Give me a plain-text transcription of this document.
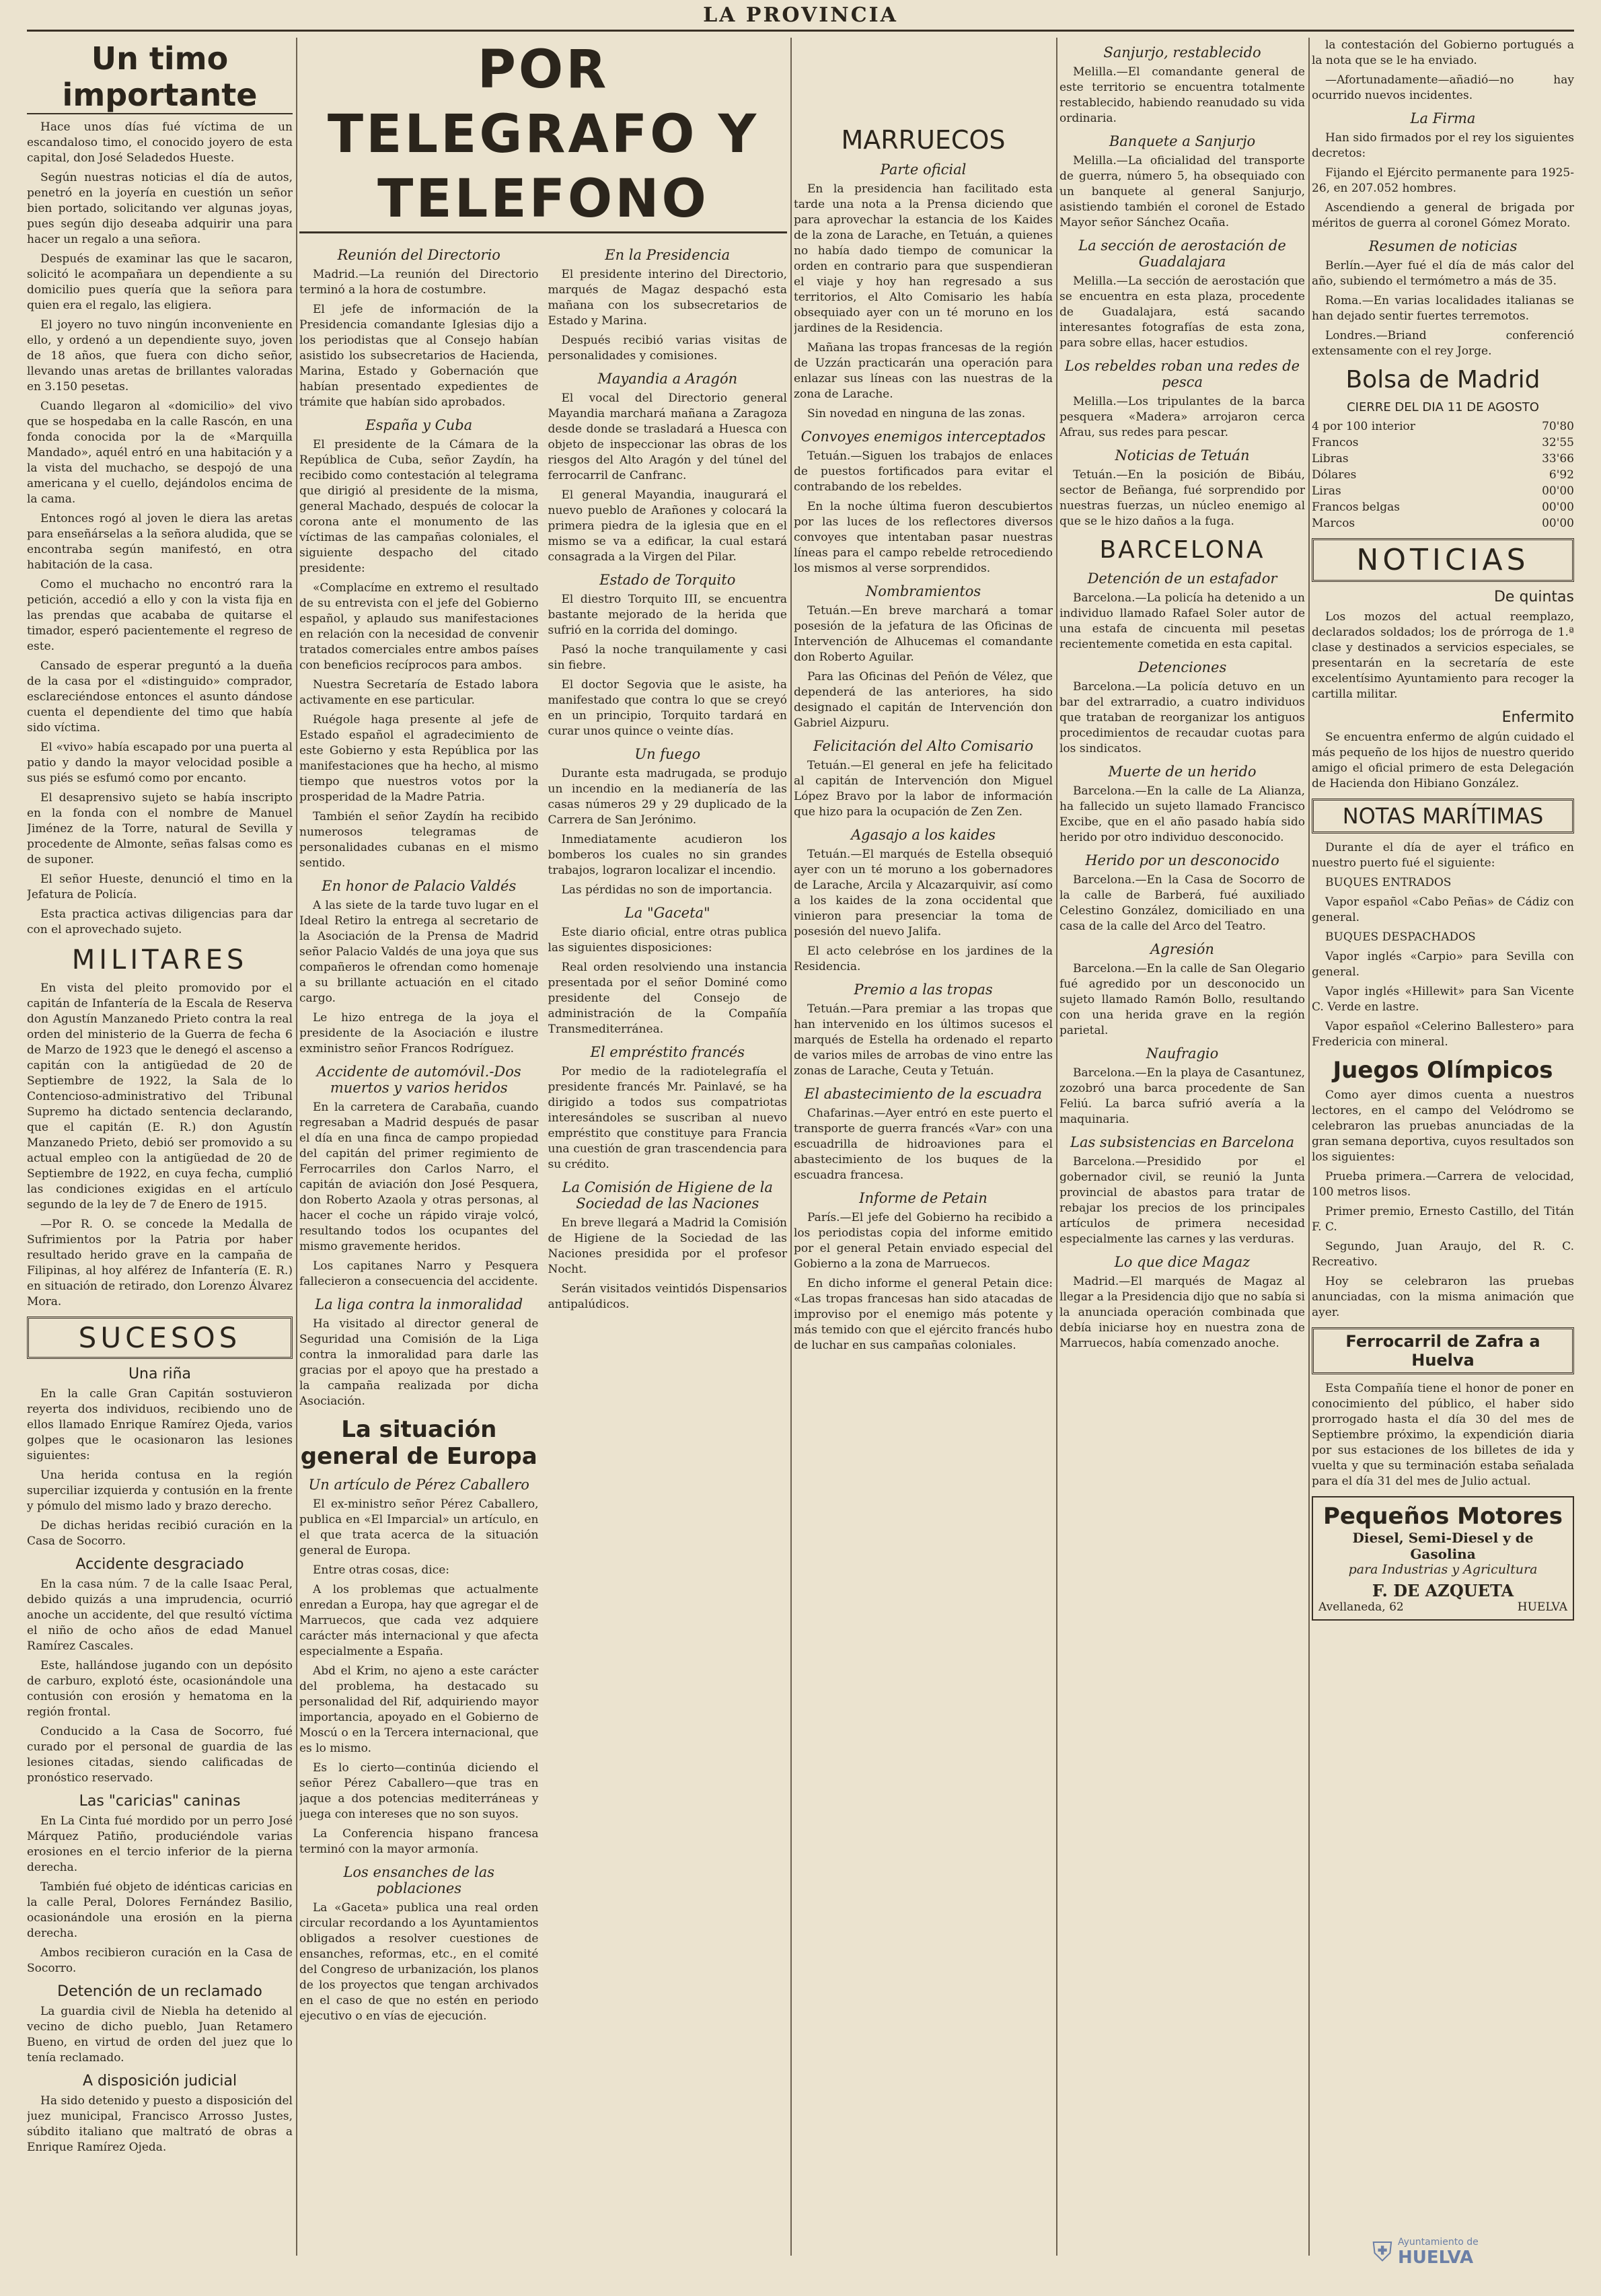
LA PROVINCIA
Un timo importante

Hace unos días fué víctima de un escandaloso timo, el conocido joyero de esta capital, don José Seladedos Hueste.

Según nuestras noticias el día de autos, penetró en la joyería en cuestión un señor bien portado, solicitando ver algunas joyas, pues según dijo deseaba adquirir una para hacer un regalo a una señora.

Después de examinar las que le sacaron, solicitó le acompañara un dependiente a su domicilio pues quería que la señora para quien era el regalo, las eligiera.

El joyero no tuvo ningún inconveniente en ello, y ordenó a un dependiente suyo, joven de 18 años, que fuera con dicho señor, llevando unas aretas de brillantes valoradas en 3.150 pesetas.

Cuando llegaron al «domicilio» del vivo que se hospedaba en la calle Rascón, en una fonda conocida por la de «Marquilla Mandado», aquél entró en una habitación y a la vista del muchacho, se despojó de una americana y el cuello, dejándolos encima de la cama.

Entonces rogó al joven le diera las aretas para enseñárselas a la señora aludida, que se encontraba según manifestó, en otra habitación de la casa.

Como el muchacho no encontró rara la petición, accedió a ello y con la vista fija en las prendas que acababa de quitarse el timador, esperó pacientemente el regreso de este.

Cansado de esperar preguntó a la dueña de la casa por el «distinguido» comprador, esclareciéndose entonces el asunto dándose cuenta el dependiente del timo que había sido víctima.

El «vivo» había escapado por una puerta al patio y dando la mayor velocidad posible a sus piés se esfumó como por encanto.

El desaprensivo sujeto se había inscripto en la fonda con el nombre de Manuel Jiménez de la Torre, natural de Sevilla y procedente de Almonte, señas falsas como es de suponer.

El señor Hueste, denunció el timo en la Jefatura de Policía.

Esta practica activas diligencias para dar con el aprovechado sujeto.

MILITARES

En vista del pleito promovido por el capitán de Infantería de la Escala de Reserva don Agustín Manzanedo Prieto contra la real orden del ministerio de la Guerra de fecha 6 de Marzo de 1923 que le denegó el ascenso a capitán con la antigüedad de 20 de Septiembre de 1922, la Sala de lo Contencioso-administrativo del Tribunal Supremo ha dictado sentencia declarando, que el capitán (E. R.) don Agustín Manzanedo Prieto, debió ser promovido a su actual empleo con la antigüedad de 20 de Septiembre de 1922, en cuya fecha, cumplió las condiciones exigidas en el artículo segundo de la ley de 7 de Enero de 1915.

—Por R. O. se concede la Medalla de Sufrimientos por la Patria por haber resultado herido grave en la campaña de Filipinas, al hoy alférez de Infantería (E. R.) en situación de retirado, don Lorenzo Álvarez Mora.

SUCESOS
Una riña

En la calle Gran Capitán sostuvieron reyerta dos individuos, recibiendo uno de ellos llamado Enrique Ramírez Ojeda, varios golpes que le ocasionaron las lesiones siguientes:

Una herida contusa en la región superciliar izquierda y contusión en la frente y pómulo del mismo lado y brazo derecho.

De dichas heridas recibió curación en la Casa de Socorro.

Accidente desgraciado

En la casa núm. 7 de la calle Isaac Peral, debido quizás a una imprudencia, ocurrió anoche un accidente, del que resultó víctima el niño de ocho años de edad Manuel Ramírez Cascales.

Este, hallándose jugando con un depósito de carburo, explotó éste, ocasionándole una contusión con erosión y hematoma en la región frontal.

Conducido a la Casa de Socorro, fué curado por el personal de guardia de las lesiones citadas, siendo calificadas de pronóstico reservado.

Las "caricias" caninas

En La Cinta fué mordido por un perro José Márquez Patiño, produciéndole varias erosiones en el tercio inferior de la pierna derecha.

También fué objeto de idénticas caricias en la calle Peral, Dolores Fernández Basilio, ocasionándole una erosión en la pierna derecha.

Ambos recibieron curación en la Casa de Socorro.

Detención de un reclamado

La guardia civil de Niebla ha detenido al vecino de dicho pueblo, Juan Retamero Bueno, en virtud de orden del juez que lo tenía reclamado.

A disposición judicial

Ha sido detenido y puesto a disposición del juez municipal, Francisco Arrosso Justes, súbdito italiano que maltrató de obras a Enrique Ramírez Ojeda.

POR TELEGRAFO Y TELEFONO
Reunión del Directorio

Madrid.—La reunión del Directorio terminó a la hora de costumbre.

El jefe de información de la Presidencia comandante Iglesias dijo a los periodistas que al Consejo habían asistido los subsecretarios de Hacienda, Marina, Estado y Gobernación que habían presentado expedientes de trámite que habían sido aprobados.

España y Cuba

El presidente de la Cámara de la República de Cuba, señor Zaydín, ha recibido como contestación al telegrama que dirigió al presidente de la misma, general Machado, después de colocar la corona ante el monumento de las víctimas de las campañas coloniales, el siguiente despacho del citado presidente:

«Complacíme en extremo el resultado de su entrevista con el jefe del Gobierno español, y aplaudo sus manifestaciones en relación con la necesidad de convenir tratados comerciales entre ambos países con beneficios recíprocos para ambos.

Nuestra Secretaría de Estado labora activamente en ese particular.

Ruégole haga presente al jefe de Estado español el agradecimiento de este Gobierno y esta República por las manifestaciones que ha hecho, al mismo tiempo que nuestros votos por la prosperidad de la Madre Patria.

También el señor Zaydín ha recibido numerosos telegramas de personalidades cubanas en el mismo sentido.

En honor de Palacio Valdés

A las siete de la tarde tuvo lugar en el Ideal Retiro la entrega al secretario de la Asociación de la Prensa de Madrid señor Palacio Valdés de una joya que sus compañeros le ofrendan como homenaje a su brillante actuación en el citado cargo.

Le hizo entrega de la joya el presidente de la Asociación e ilustre exministro señor Francos Rodríguez.

Accidente de automóvil.-Dos muertos y varios heridos

En la carretera de Carabaña, cuando regresaban a Madrid después de pasar el día en una finca de campo propiedad del capitán del primer regimiento de Ferrocarriles don Carlos Narro, el capitán de aviación don José Pesquera, don Roberto Azaola y otras personas, al hacer el coche un rápido viraje volcó, resultando todos los ocupantes del mismo gravemente heridos.

Los capitanes Narro y Pesquera fallecieron a consecuencia del accidente.

La liga contra la inmoralidad

Ha visitado al director general de Seguridad una Comisión de la Liga contra la inmoralidad para darle las gracias por el apoyo que ha prestado a la campaña realizada por dicha Asociación.

La situación general de Europa
Un artículo de Pérez Caballero

El ex-ministro señor Pérez Caballero, publica en «El Imparcial» un artículo, en el que trata acerca de la situación general de Europa.

Entre otras cosas, dice:

A los problemas que actualmente enredan a Europa, hay que agregar el de Marruecos, que cada vez adquiere carácter más internacional y que afecta especialmente a España.

Abd el Krim, no ajeno a este carácter del problema, ha destacado su personalidad del Rif, adquiriendo mayor importancia, apoyado en el Gobierno de Moscú o en la Tercera internacional, que es lo mismo.

Es lo cierto—continúa diciendo el señor Pérez Caballero—que tras en jaque a dos potencias mediterráneas y juega con intereses que no son suyos.

La Conferencia hispano francesa terminó con la mayor armonía.

Los ensanches de las poblaciones

La «Gaceta» publica una real orden circular recordando a los Ayuntamientos obligados a resolver cuestiones de ensanches, reformas, etc., en el comité del Congreso de urbanización, los planos de los proyectos que tengan archivados en el caso de que no estén en periodo ejecutivo o en vías de ejecución.

En la Presidencia

El presidente interino del Directorio, marqués de Magaz despachó esta mañana con los subsecretarios de Estado y Marina.

Después recibió varias visitas de personalidades y comisiones.

Mayandia a Aragón

El vocal del Directorio general Mayandia marchará mañana a Zaragoza desde donde se trasladará a Huesca con objeto de inspeccionar las obras de los riesgos del Alto Aragón y del túnel del ferrocarril de Canfranc.

El general Mayandia, inaugurará el nuevo pueblo de Arañones y colocará la primera piedra de la iglesia que en el mismo se va a edificar, la cual estará consagrada a la Virgen del Pilar.

Estado de Torquito

El diestro Torquito III, se encuentra bastante mejorado de la herida que sufrió en la corrida del domingo.

Pasó la noche tranquilamente y casi sin fiebre.

El doctor Segovia que le asiste, ha manifestado que contra lo que se creyó en un principio, Torquito tardará en curar unos quince o veinte días.

Un fuego

Durante esta madrugada, se produjo un incendio en la medianería de las casas números 29 y 29 duplicado de la Carrera de San Jerónimo.

Inmediatamente acudieron los bomberos los cuales no sin grandes trabajos, lograron localizar el incendio.

Las pérdidas no son de importancia.

La "Gaceta"

Este diario oficial, entre otras publica las siguientes disposiciones:

Real orden resolviendo una instancia presentada por el señor Dominé como presidente del Consejo de administración de la Compañía Transmediterránea.

El empréstito francés

Por medio de la radiotelegrafía el presidente francés Mr. Painlavé, se ha dirigido a todos sus compatriotas interesándoles se suscriban al nuevo empréstito que constituye para Francia una cuestión de gran trascendencia para su crédito.

La Comisión de Higiene de la Sociedad de las Naciones

En breve llegará a Madrid la Comisión de Higiene de la Sociedad de las Naciones presidida por el profesor Nocht.

Serán visitados veintidós Dispensarios antipalúdicos.

MARRUECOS
Parte oficial

En la presidencia han facilitado esta tarde una nota a la Prensa diciendo que para aprovechar la estancia de los Kaides de la zona de Larache, en Tetuán, a quienes no había dado tiempo de comunicar la orden en contrario para que suspendieran el viaje y hoy han regresado a sus territorios, el Alto Comisario les había obsequiado ayer con un té moruno en los jardines de la Residencia.

Mañana las tropas francesas de la región de Uzzán practicarán una operación para enlazar sus líneas con las nuestras de la zona de Larache.

Sin novedad en ninguna de las zonas.

Convoyes enemigos interceptados

Tetuán.—Siguen los trabajos de enlaces de puestos fortificados para evitar el contrabando de los rebeldes.

En la noche última fueron descubiertos por las luces de los reflectores diversos convoyes que intentaban pasar nuestras líneas para el campo rebelde retrocediendo los mismos al verse sorprendidos.

Nombramientos

Tetuán.—En breve marchará a tomar posesión de la jefatura de las Oficinas de Intervención de Alhucemas el comandante don Roberto Aguilar.

Para las Oficinas del Peñón de Vélez, que dependerá de las anteriores, ha sido designado el capitán de Intervención don Gabriel Aizpuru.

Felicitación del Alto Comisario

Tetuán.—El general en jefe ha felicitado al capitán de Intervención don Miguel López Bravo por la labor de información que hizo para la ocupación de Zen Zen.

Agasajo a los kaides

Tetuán.—El marqués de Estella obsequió ayer con un té moruno a los gobernadores de Larache, Arcila y Alcazarquivir, así como a los kaides de la zona occidental que vinieron para presenciar la toma de posesión del nuevo Jalifa.

El acto celebróse en los jardines de la Residencia.

Premio a las tropas

Tetuán.—Para premiar a las tropas que han intervenido en los últimos sucesos el marqués de Estella ha ordenado el reparto de varios miles de arrobas de vino entre las zonas de Larache, Ceuta y Tetuán.

El abastecimiento de la escuadra

Chafarinas.—Ayer entró en este puerto el transporte de guerra francés «Var» con una escuadrilla de hidroaviones para el abastecimiento de los buques de la escuadra francesa.

Informe de Petain

París.—El jefe del Gobierno ha recibido a los periodistas copia del informe emitido por el general Petain enviado especial del Gobierno a la zona de Marruecos.

En dicho informe el general Petain dice: «Las tropas francesas han sido atacadas de improviso por el enemigo más potente y más temido con que el ejército francés hubo de luchar en sus campañas coloniales.

Sanjurjo, restablecido

Melilla.—El comandante general de este territorio se encuentra totalmente restablecido, habiendo reanudado su vida ordinaria.

Banquete a Sanjurjo

Melilla.—La oficialidad del transporte de guerra, número 5, ha obsequiado con un banquete al general Sanjurjo, asistiendo también el coronel de Estado Mayor señor Sánchez Ocaña.

La sección de aerostación de Guadalajara

Melilla.—La sección de aerostación que se encuentra en esta plaza, procedente de Guadalajara, está sacando interesantes fotografías de esta zona, para sobre ellas, hacer estudios.

Los rebeldes roban una redes de pesca

Melilla.—Los tripulantes de la barca pesquera «Madera» arrojaron cerca Afrau, sus redes para pescar.

Noticias de Tetuán

Tetuán.—En la posición de Bibáu, sector de Beñanga, fué sorprendido por nuestras fuerzas, un núcleo enemigo al que se le hizo daños a la fuga.

BARCELONA
Detención de un estafador

Barcelona.—La policía ha detenido a un individuo llamado Rafael Soler autor de una estafa de cincuenta mil pesetas recientemente cometida en esta capital.

Detenciones

Barcelona.—La policía detuvo en un bar del extrarradio, a cuatro individuos que trataban de reorganizar los antiguos procedimientos de recaudar cuotas para los sindicatos.

Muerte de un herido

Barcelona.—En la calle de La Alianza, ha fallecido un sujeto llamado Francisco Excibe, que en el año pasado había sido herido por otro individuo desconocido.

Herido por un desconocido

Barcelona.—En la Casa de Socorro de la calle de Barberá, fué auxiliado Celestino González, domiciliado en una casa de la calle del Arco del Teatro.

Agresión

Barcelona.—En la calle de San Olegario fué agredido por un desconocido un sujeto llamado Ramón Bollo, resultando con una herida grave en la región parietal.

Naufragio

Barcelona.—En la playa de Casantunez, zozobró una barca procedente de San Feliú. La barca sufrió avería a la maquinaria.

Las subsistencias en Barcelona

Barcelona.—Presidido por el gobernador civil, se reunió la Junta provincial de abastos para tratar de rebajar los precios de los principales artículos de primera necesidad especialmente las carnes y las verduras.

Lo que dice Magaz

Madrid.—El marqués de Magaz al llegar a la Presidencia dijo que no sabía si la anunciada operación combinada que debía iniciarse hoy en nuestra zona de Marruecos, había comenzado anoche.

la contestación del Gobierno portugués a la nota que se le ha enviado.

—Afortunadamente—añadió—no hay ocurrido nuevos incidentes.

La Firma

Han sido firmados por el rey los siguientes decretos:

Fijando el Ejército permanente para 1925-26, en 207.052 hombres.

Ascendiendo a general de brigada por méritos de guerra al coronel Gómez Morato.

Resumen de noticias

Berlín.—Ayer fué el día de más calor del año, subiendo el termómetro a más de 35.

Roma.—En varias localidades italianas se han dejado sentir fuertes terremotos.

Londres.—Briand conferenció extensamente con el rey Jorge.

Bolsa de Madrid
CIERRE DEL DIA 11 DE AGOSTO
4 por 100 interior	70'80
Francos	32'55
Libras	33'66
Dólares	6'92
Liras	00'00
Francos belgas	00'00
Marcos	00'00
NOTICIAS
De quintas

Los mozos del actual reemplazo, declarados soldados; los de prórroga de 1.ª clase y destinados a servicios especiales, se presentarán en la secretaría de este excelentísimo Ayuntamiento para recoger la cartilla militar.

Enfermito

Se encuentra enfermo de algún cuidado el más pequeño de los hijos de nuestro querido amigo el oficial primero de esta Delegación de Hacienda don Hibiano González.

NOTAS MARÍTIMAS

Durante el día de ayer el tráfico en nuestro puerto fué el siguiente:

BUQUES ENTRADOS

Vapor español «Cabo Peñas» de Cádiz con general.

BUQUES DESPACHADOS

Vapor inglés «Carpio» para Sevilla con general.

Vapor inglés «Hillewit» para San Vicente C. Verde en lastre.

Vapor español «Celerino Ballestero» para Fredericia con mineral.

Juegos Olímpicos

Como ayer dimos cuenta a nuestros lectores, en el campo del Velódromo se celebraron las pruebas anunciadas de la gran semana deportiva, cuyos resultados son los siguientes:

Prueba primera.—Carrera de velocidad, 100 metros lisos.

Primer premio, Ernesto Castillo, del Titán F. C.

Segundo, Juan Araujo, del R. C. Recreativo.

Hoy se celebraron las pruebas anunciadas, con la misma animación que ayer.

Ferrocarril de Zafra a Huelva

Esta Compañía tiene el honor de poner en conocimiento del público, el haber sido prorrogado hasta el día 30 del mes de Septiembre próximo, la expendición diaria por sus estaciones de los billetes de ida y vuelta y que su terminación estaba señalada para el día 31 del mes de Julio actual.

Pequeños Motores
Diesel, Semi-Diesel y de Gasolina
para Industrias y Agricultura
F. DE AZQUETA
Avellaneda, 62	HUELVA
⛨ Ayuntamiento de
HUELVA
